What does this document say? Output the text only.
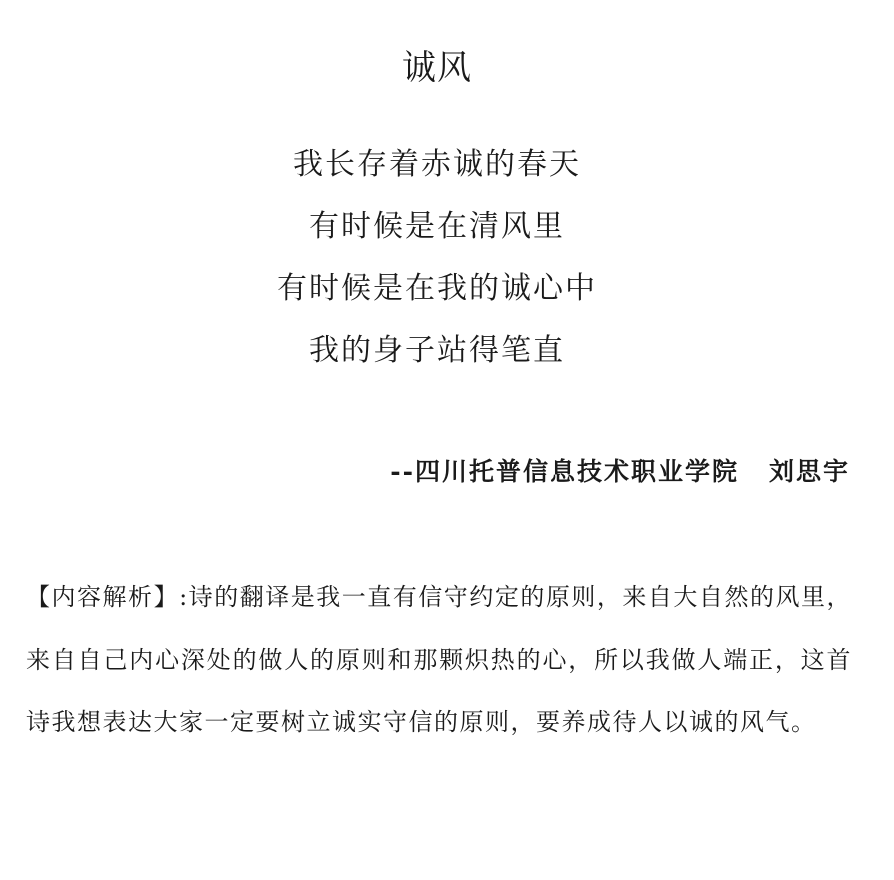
诚风
我长存着赤诚的春天
有时候是在清风里
有时候是在我的诚心中
我的身子站得笔直
--四川托普信息技术职业学院 刘思宇
【内容解析】:诗的翻译是我一直有信守约定的原则，来自大自然的风里，来自自己内心深处的做人的原则和那颗炽热的心，所以我做人端正，这首诗我想表达大家一定要树立诚实守信的原则，要养成待人以诚的风气。
